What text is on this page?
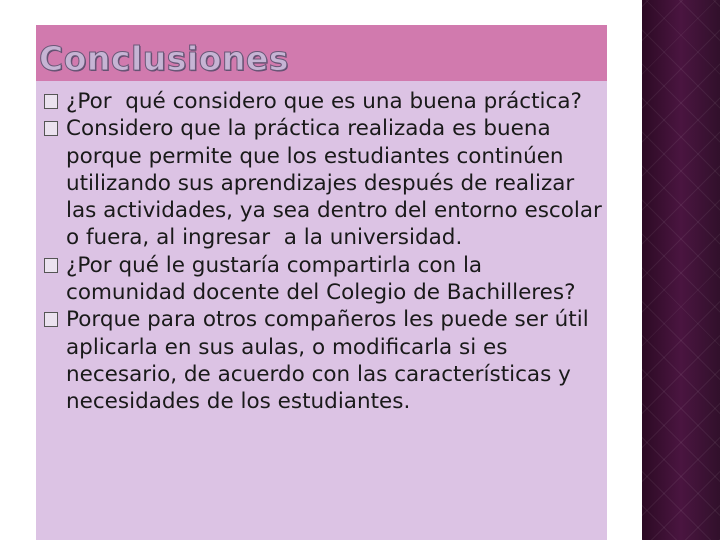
Conclusiones
¿Por  qué considero que es una buena práctica?
Considero que la práctica realizada es buena porque permite que los estudiantes continúen utilizando sus aprendizajes después de realizar las actividades, ya sea dentro del entorno escolar o fuera, al ingresar  a la universidad.
¿Por qué le gustaría compartirla con la comunidad docente del Colegio de Bachilleres?
Porque para otros compañeros les puede ser útil aplicarla en sus aulas, o modificarla si es necesario, de acuerdo con las características y necesidades de los estudiantes.
